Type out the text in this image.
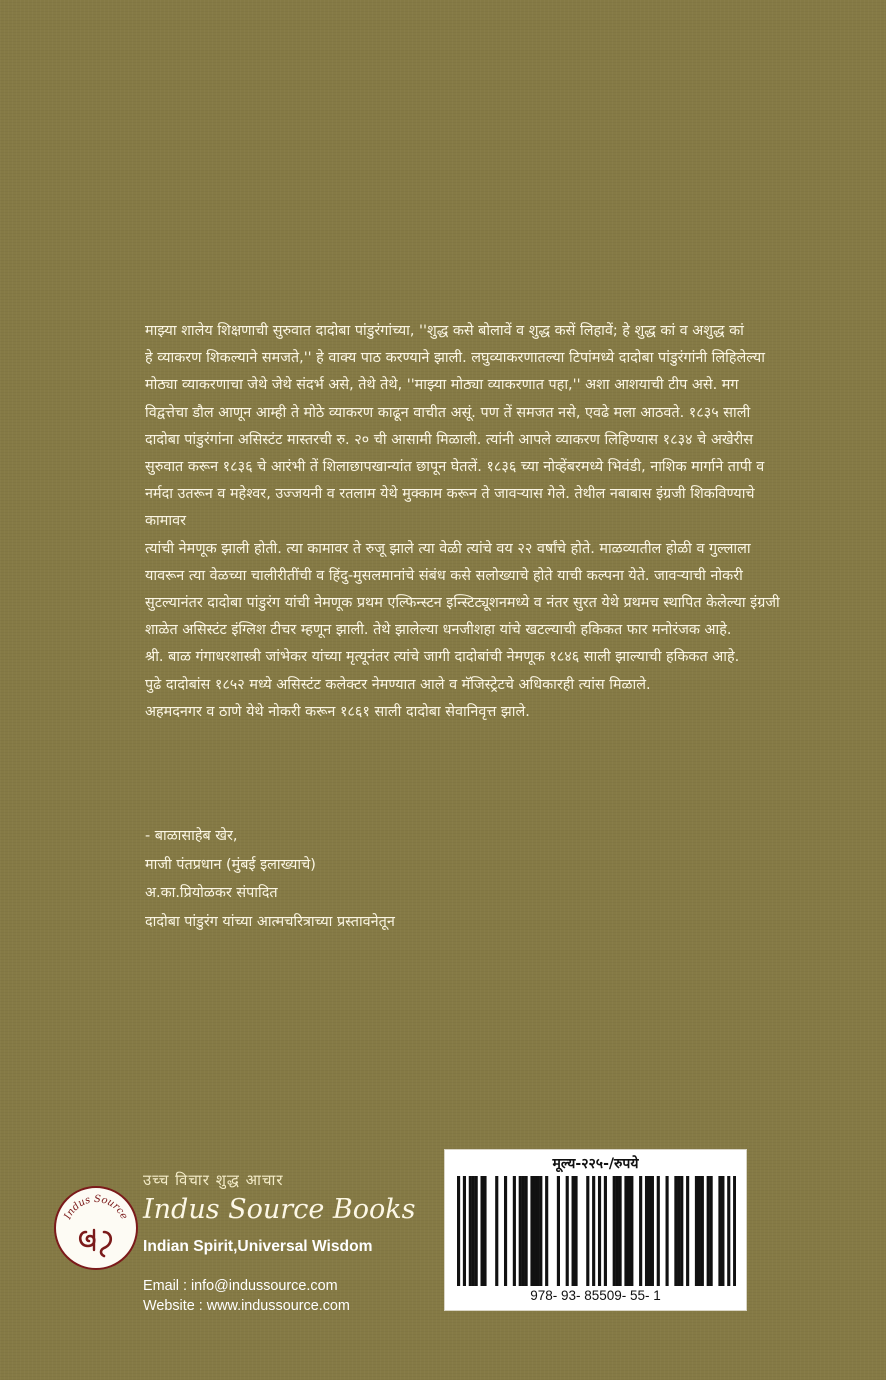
माझ्या शालेय शिक्षणाची सुरुवात दादोबा पांडुरंगांच्या, ''शुद्ध कसे बोलावें व शुद्ध कसें लिहावें; हे शुद्ध कां व अशुद्ध कां

हे व्याकरण शिकल्याने समजते,'' हे वाक्य पाठ करण्याने झाली. लघुव्याकरणातल्या टिपांमध्ये दादोबा पांडुरंगांनी लिहिलेल्या

मोठ्या व्याकरणाचा जेथे जेथे संदर्भ असे, तेथे तेथे, ''माझ्या मोठ्या व्याकरणात पहा,'' अशा आशयाची टीप असे. मग

विद्वत्तेचा डौल आणून आम्ही ते मोठे व्याकरण काढून वाचीत असूं. पण तें समजत नसे, एवढे मला आठवते. १८३५ साली

दादोबा पांडुरंगांना असिस्टंट मास्तरची रु. २० ची आसामी मिळाली. त्यांनी आपले व्याकरण लिहिण्यास १८३४ चे अखेरीस

सुरुवात करून १८३६ चे आरंभी तें शिलाछापखान्यांत छापून घेतलें. १८३६ च्या नोव्हेंबरमध्ये भिवंडी, नाशिक मार्गाने तापी व

नर्मदा उतरून व महेश्वर, उज्जयनी व रतलाम येथे मुक्काम करून ते जावऱ्यास गेले. तेथील नबाबास इंग्रजी शिकविण्याचे कामावर

त्यांची नेमणूक झाली होती. त्या कामावर ते रुजू झाले त्या वेळी त्यांचे वय २२ वर्षांचे होते. माळव्यातील होळी व गुल्लाला

यावरून त्या वेळच्या चालीरीतींची व हिंदु-मुसलमानांचे संबंध कसे सलोख्याचे होते याची कल्पना येते. जावऱ्याची नोकरी

सुटल्यानंतर दादोबा पांडुरंग यांची नेमणूक प्रथम एल्फिन्स्टन इन्स्टिट्यूशनमध्ये व नंतर सुरत येथे प्रथमच स्थापित केलेल्या इंग्रजी

शाळेत असिस्टंट इंग्लिश टीचर म्हणून झाली. तेथे झालेल्या धनजीशहा यांचे खटल्याची हकिकत फार मनोरंजक आहे.

श्री. बाळ गंगाधरशास्त्री जांभेकर यांच्या मृत्यूनंतर त्यांचे जागी दादोबांची नेमणूक १८४६ साली झाल्याची हकिकत आहे.

पुढे दादोबांस १८५२ मध्ये असिस्टंट कलेक्टर नेमण्यात आले व मॅजिस्ट्रेटचे अधिकारही त्यांस मिळाले.

अहमदनगर व ठाणे येथे नोकरी करून १८६१ साली दादोबा सेवानिवृत्त झाले.

- बाळासाहेब खेर,
माजी पंतप्रधान (मुंबई इलाख्याचे)
अ.का.प्रियोळकर संपादित
दादोबा पांडुरंग यांच्या आत्मचरित्राच्या प्रस्तावनेतून
Indus Source
उच्च विचार शुद्ध आचार
Indus Source Books
Indian Spirit,Universal Wisdom
Email : info@indussource.com
Website : www.indussource.com
मूल्य-२२५-/रुपये
978- 93- 85509- 55- 1
